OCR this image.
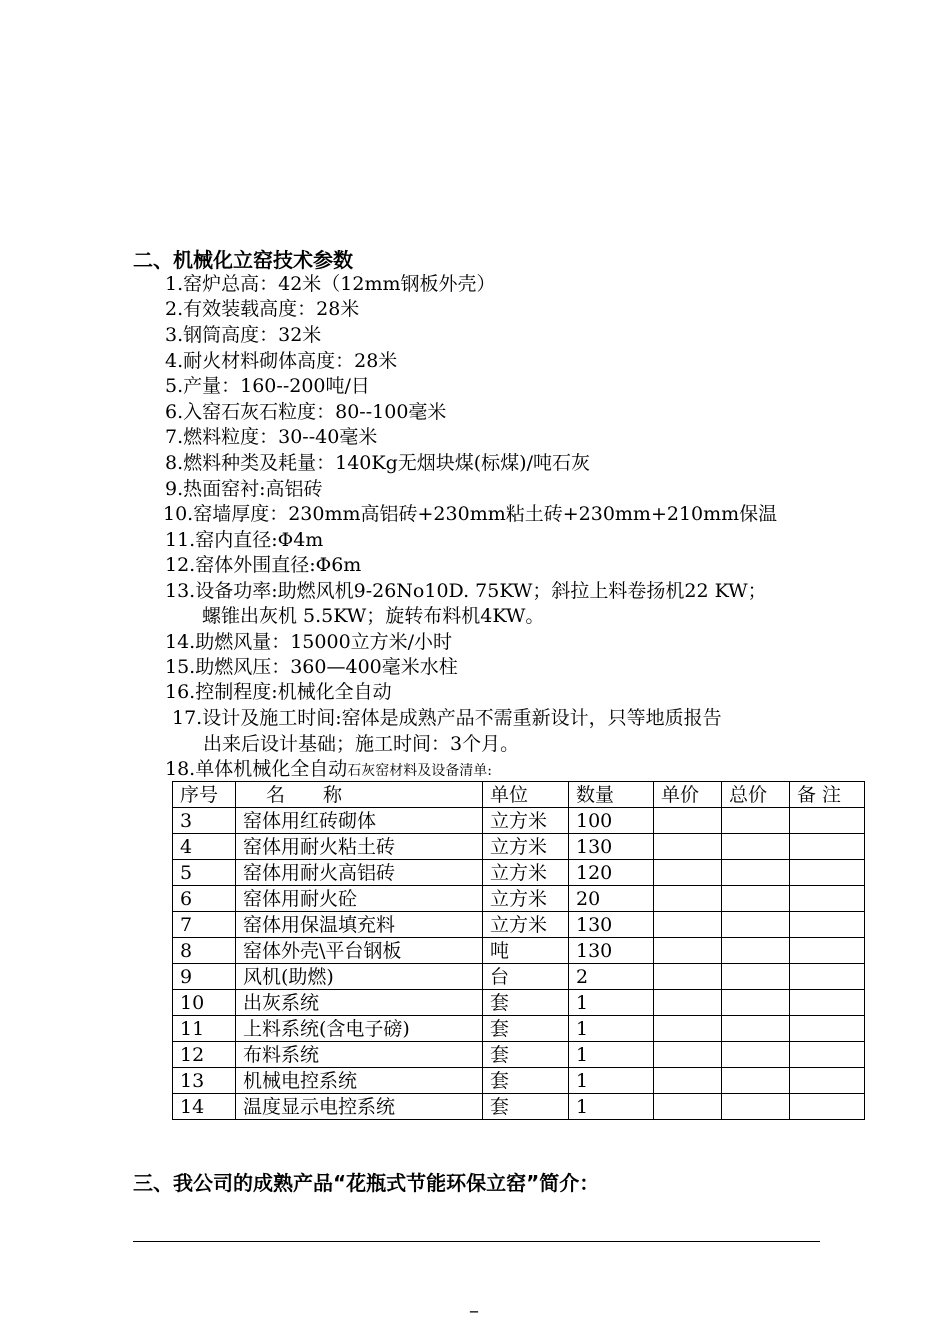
二、机械化立窑技术参数
1.窑炉总高：42米（12mm钢板外壳）
2.有效装载高度：28米
3.钢筒高度：32米
4.耐火材料砌体高度：28米
5.产量：160--200吨/日
6.入窑石灰石粒度：80--100毫米
7.燃料粒度：30--40毫米
8.燃料种类及耗量：140Kg无烟块煤(标煤)/吨石灰
9.热面窑衬:高铝砖
10.窑墙厚度：230mm高铝砖+230mm粘土砖+230mm+210mm保温
11.窑内直径:Φ4m
12.窑体外围直径:Φ6m
13.设备功率:助燃风机9-26No10D. 75KW；斜拉上料卷扬机22 KW；
螺锥出灰机 5.5KW；旋转布料机4KW。
14.助燃风量：15000立方米/小时
15.助燃风压：360—400毫米水柱
16.控制程度:机械化全自动
17.设计及施工时间:窑体是成熟产品不需重新设计，只等地质报告
出来后设计基础；施工时间：3个月。
18.单体机械化全自动石灰窑材料及设备清单:
序号	名　　称	单位	数量	单价	总价	备 注
3	窑体用红砖砌体	立方米	100			
4	窑体用耐火粘土砖	立方米	130			
5	窑体用耐火高铝砖	立方米	120			
6	窑体用耐火砼	立方米	20			
7	窑体用保温填充料	立方米	130			
8	窑体外壳\平台钢板	吨	130			
9	风机(助燃)	台	2			
10	出灰系统	套	1			
11	上料系统(含电子磅)	套	1			
12	布料系统	套	1			
13	机械电控系统	套	1			
14	温度显示电控系统	套	1			
三、我公司的成熟产品“花瓶式节能环保立窑”简介：
–
